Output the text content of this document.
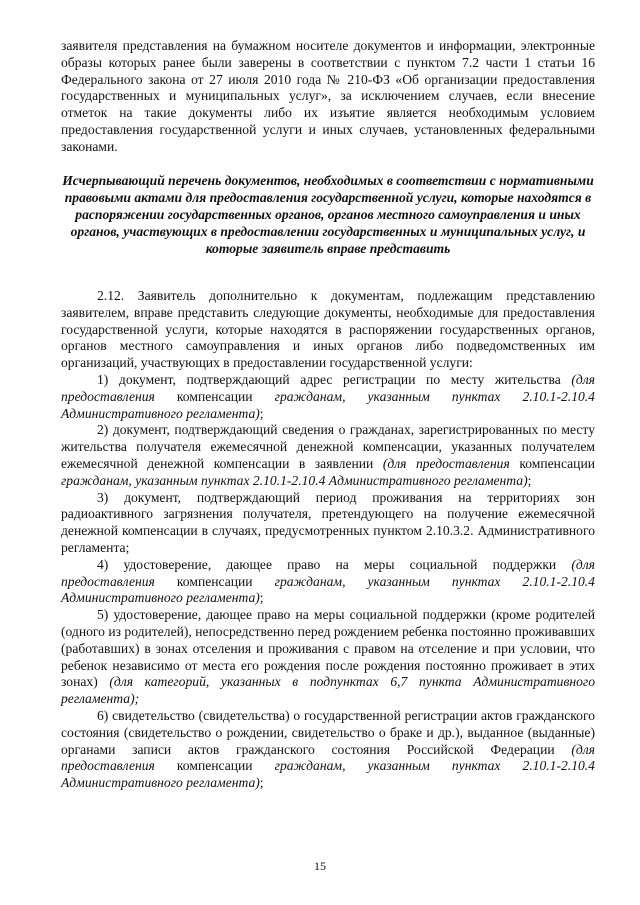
заявителя представления на бумажном носителе документов и информации, электронные образы которых ранее были заверены в соответствии с пунктом 7.2 части 1 статьи 16 Федерального закона от 27 июля 2010 года № 210-ФЗ «Об организации предоставления государственных и муниципальных услуг», за исключением случаев, если внесение отметок на такие документы либо их изъятие является необходимым условием предоставления государственной услуги и иных случаев, установленных федеральными законами.

Исчерпывающий перечень документов, необходимых в соответствии с нормативными правовыми актами для предоставления государственной услуги, которые находятся в распоряжении государственных органов, органов местного самоуправления и иных органов, участвующих в предоставлении государственных и муниципальных услуг, и которые заявитель вправе представить

2.12. Заявитель дополнительно к документам, подлежащим представлению заявителем, вправе представить следующие документы, необходимые для предоставления государственной услуги, которые находятся в распоряжении государственных органов, органов местного самоуправления и иных органов либо подведомственных им организаций, участвующих в предоставлении государственной услуги:

1) документ, подтверждающий адрес регистрации по месту жительства (для предоставления компенсации гражданам, указанным пунктах 2.10.1-2.10.4 Административного регламента);

2) документ, подтверждающий сведения о гражданах, зарегистрированных по месту жительства получателя ежемесячной денежной компенсации, указанных получателем ежемесячной денежной компенсации в заявлении (для предоставления компенсации гражданам, указанным пунктах 2.10.1-2.10.4 Административного регламента);

3) документ, подтверждающий период проживания на территориях зон радиоактивного загрязнения получателя, претендующего на получение ежемесячной денежной компенсации в случаях, предусмотренных пунктом 2.10.3.2. Административного регламента;

4) удостоверение, дающее право на меры социальной поддержки (для предоставления компенсации гражданам, указанным пунктах 2.10.1-2.10.4 Административного регламента);

5) удостоверение, дающее право на меры социальной поддержки (кроме родителей (одного из родителей), непосредственно перед рождением ребенка постоянно проживавших (работавших) в зонах отселения и проживания с правом на отселение и при условии, что ребенок независимо от места его рождения после рождения постоянно проживает в этих зонах) (для категорий, указанных в подпунктах 6,7 пункта Административного регламента);

6) свидетельство (свидетельства) о государственной регистрации актов гражданского состояния (свидетельство о рождении, свидетельство о браке и др.), выданное (выданные) органами записи актов гражданского состояния Российской Федерации (для предоставления компенсации гражданам, указанным пунктах 2.10.1-2.10.4 Административного регламента);

15
